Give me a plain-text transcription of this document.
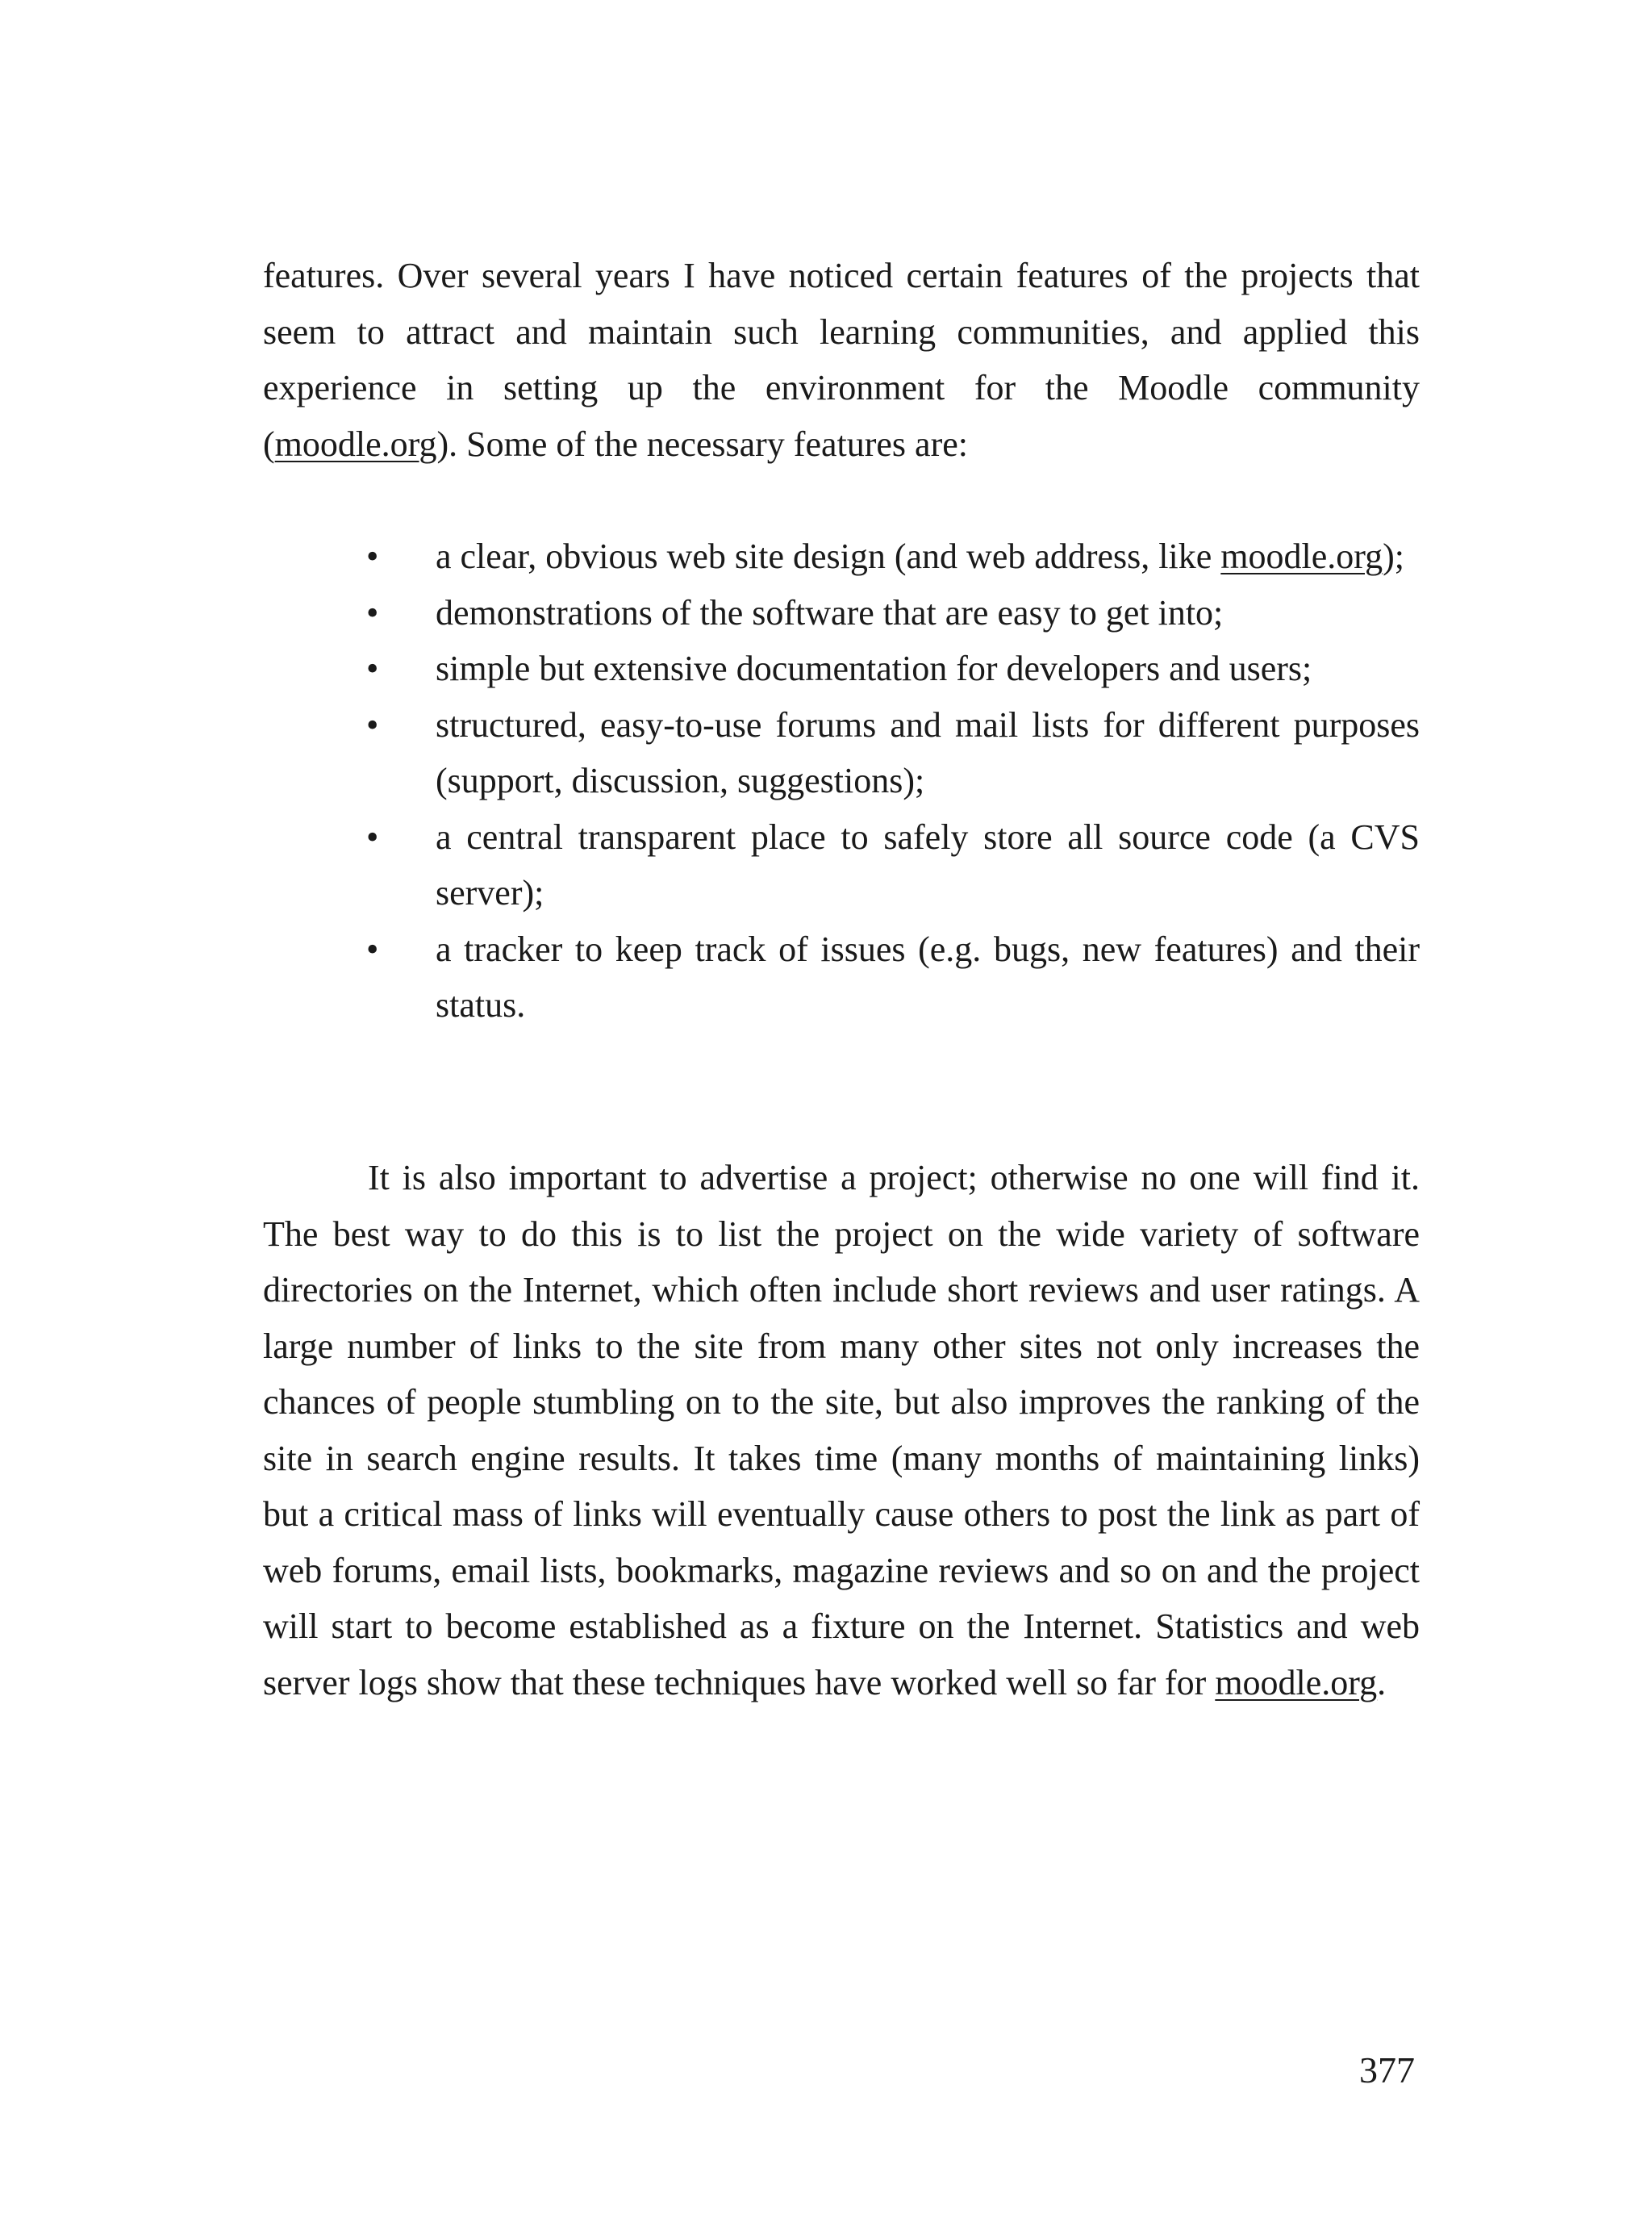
features. Over several years I have noticed certain features of the projects that seem to attract and maintain such learning communities, and applied this experience in setting up the environment for the Moodle community (moodle.org). Some of the necessary features are:

• a clear, obvious web site design (and web address, like moodle.org);
• demonstrations of the software that are easy to get into;
• simple but extensive documentation for developers and users;
• structured, easy-to-use forums and mail lists for different purposes (support, discussion, suggestions);
• a central transparent place to safely store all source code (a CVS server);
• a tracker to keep track of issues (e.g. bugs, new features) and their status.

It is also important to advertise a project; otherwise no one will find it. The best way to do this is to list the project on the wide variety of software directories on the Internet, which often include short reviews and user ratings. A large number of links to the site from many other sites not only increases the chances of people stumbling on to the site, but also improves the ranking of the site in search engine results. It takes time (many months of maintaining links) but a critical mass of links will eventually cause others to post the link as part of web forums, email lists, bookmarks, magazine reviews and so on and the project will start to become established as a fixture on the Internet. Statistics and web server logs show that these techniques have worked well so far for moodle.org.

377
